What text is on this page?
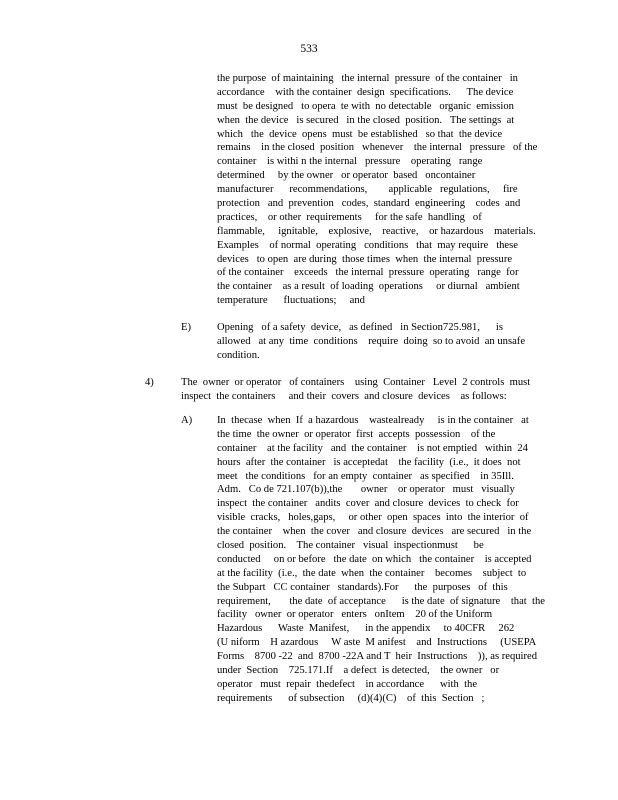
533
the purpose  of maintaining   the internal  pressure  of the container   in
accordance    with the container  design  specifications.      The device
must  be designed   to opera  te with  no detectable   organic  emission
when  the device   is secured   in the closed  position.   The settings  at
which   the  device  opens  must  be established   so that  the device
remains    in the closed  position   whenever    the internal   pressure   of the
container    is withi n the internal   pressure    operating   range
determined     by the owner   or operator  based   oncontainer
manufacturer      recommendations,        applicable   regulations,     fire
protection   and  prevention   codes,  standard  engineering    codes  and
practices,    or other  requirements     for the safe  handling   of
flammable,     ignitable,    explosive,    reactive,    or hazardous    materials.
Examples    of normal  operating   conditions   that  may require   these
devices   to open  are during  those times  when  the internal  pressure
of the container    exceeds   the internal  pressure  operating   range  for
the container    as a result  of loading  operations     or diurnal   ambient
temperature      fluctuations;     and
E) Opening   of a safety  device,   as defined   in Section725.981,      is
allowed   at any  time  conditions    require  doing  so to avoid  an unsafe
condition.
4)	The  owner  or operator   of containers    using  Container   Level  2 controls  must
inspect  the containers     and their  covers  and closure  devices    as follows:
A) In  thecase  when  If  a hazardous    wastealready     is in the container   at
the time  the owner  or operator  first  accepts  possession    of the
container    at the facility   and  the container    is not emptied   within  24
hours  after  the container   is acceptedat    the facility  (i.e.,  it does  not
meet   the conditions   for an empty  container   as specified    in 35Ill.
Adm.   Co de 721.107(b)),the       owner    or operator   must   visually
inspect  the container   andits  cover  and closure  devices  to check  for
visible  cracks,   holes,gaps,     or other  open  spaces  into  the interior  of
the container    when  the cover   and closure  devices   are secured   in the
closed  position.    The container   visual  inspectionmust      be
conducted     on or before   the date  on which   the container    is accepted
at the facility  (i.e.,  the date  when  the container    becomes    subject  to
the Subpart   CC container   standards).For      the  purposes   of  this
requirement,       the date  of acceptance      is the date  of signature    that  the
facility   owner  or operator   enters   onItem    20 of the Uniform
Hazardous      Waste  Manifest,      in the appendix     to 40CFR     262
(U niform    H azardous     W aste  M anifest    and  Instructions     (USEPA
Forms    8700 -22  and  8700 -22A and T  heir  Instructions    )), as required
under  Section    725.171.If    a defect  is detected,    the owner   or
operator   must  repair  thedefect    in accordance      with  the
requirements      of subsection     (d)(4)(C)    of  this  Section   ;
